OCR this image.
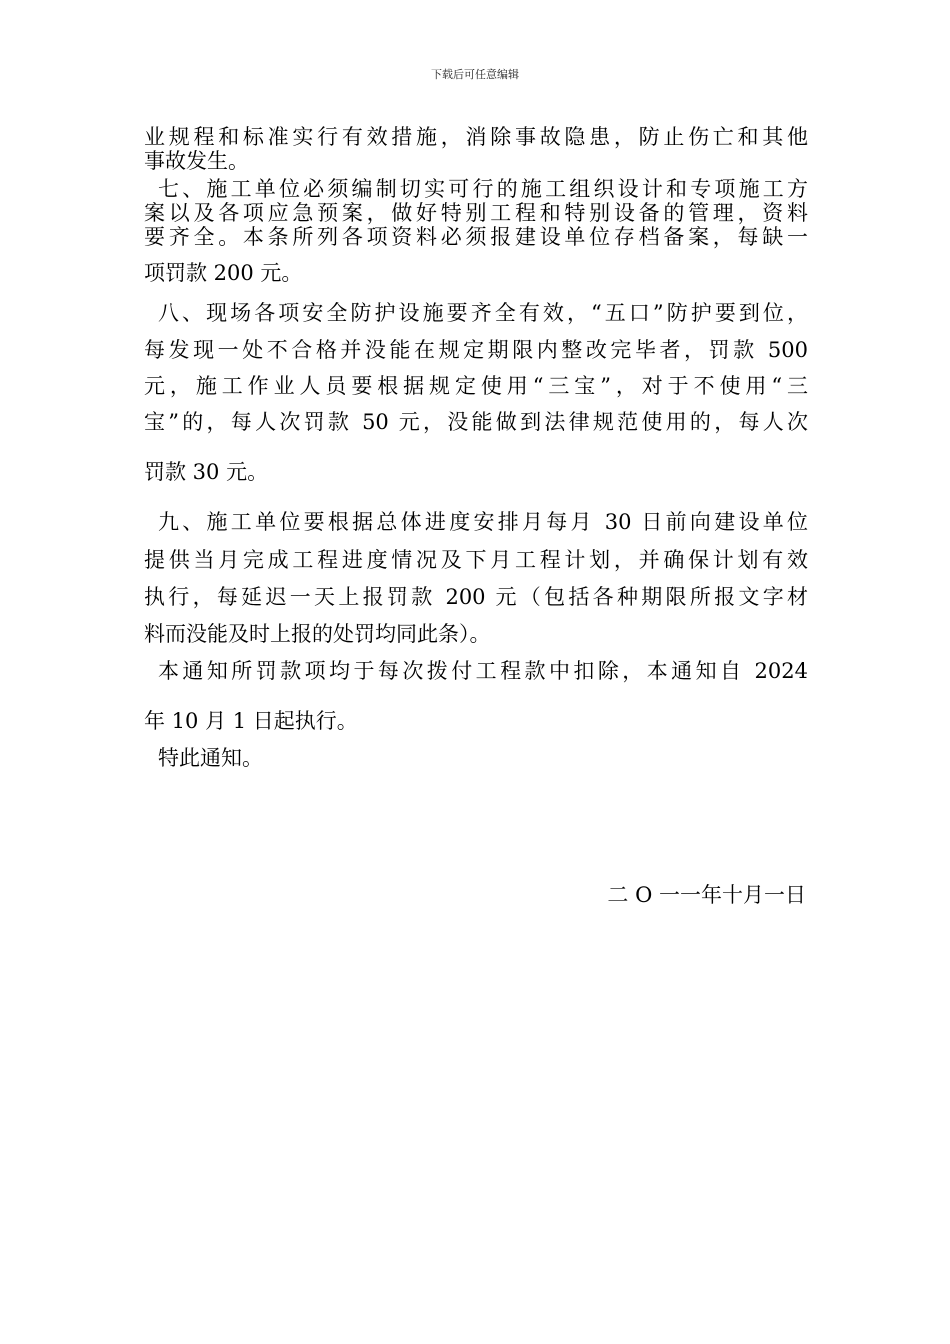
下载后可任意编辑
业规程和标准实行有效措施，消除事故隐患，防止伤亡和其他
事故发生。
七、施工单位必须编制切实可行的施工组织设计和专项施工方
案以及各项应急预案，做好特别工程和特别设备的管理，资料
要齐全。本条所列各项资料必须报建设单位存档备案，每缺一
项罚款 200 元。
八、现场各项安全防护设施要齐全有效，“五口”防护要到位，
每发现一处不合格并没能在规定期限内整改完毕者，罚款 500
元，施工作业人员要根据规定使用“三宝”，对于不使用“三
宝”的，每人次罚款 50 元，没能做到法律规范使用的，每人次
罚款 30 元。
九、施工单位要根据总体进度安排月每月 30 日前向建设单位
提供当月完成工程进度情况及下月工程计划，并确保计划有效
执行，每延迟一天上报罚款 200 元（包括各种期限所报文字材
料而没能及时上报的处罚均同此条）。
本通知所罚款项均于每次拨付工程款中扣除，本通知自 2024
年 10 月 1 日起执行。
特此通知。
二 O 一一年十月一日
